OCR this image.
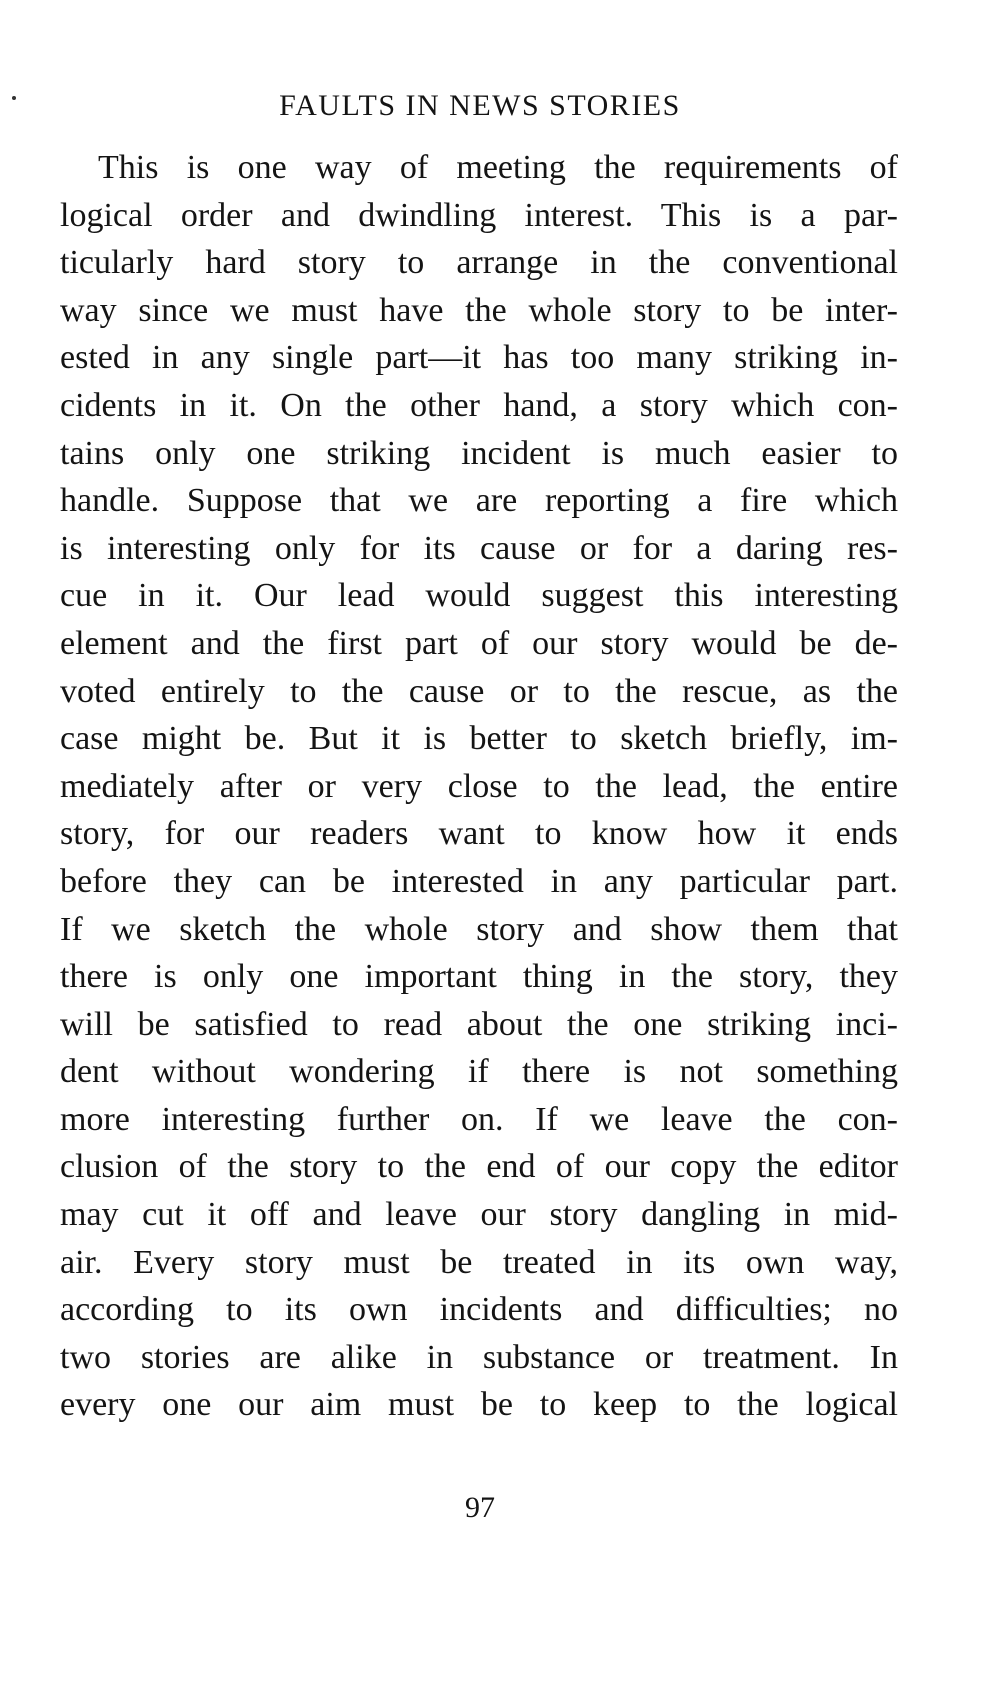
FAULTS IN NEWS STORIES
This is one way of meeting the requirements of
logical order and dwindling interest. This is a par-
ticularly hard story to arrange in the conventional
way since we must have the whole story to be inter-
ested in any single part—it has too many striking in-
cidents in it. On the other hand, a story which con-
tains only one striking incident is much easier to
handle. Suppose that we are reporting a fire which
is interesting only for its cause or for a daring res-
cue in it. Our lead would suggest this interesting
element and the first part of our story would be de-
voted entirely to the cause or to the rescue, as the
case might be. But it is better to sketch briefly, im-
mediately after or very close to the lead, the entire
story, for our readers want to know how it ends
before they can be interested in any particular part.
If we sketch the whole story and show them that
there is only one important thing in the story, they
will be satisfied to read about the one striking inci-
dent without wondering if there is not something
more interesting further on. If we leave the con-
clusion of the story to the end of our copy the editor
may cut it off and leave our story dangling in mid-
air. Every story must be treated in its own way,
according to its own incidents and difficulties; no
two stories are alike in substance or treatment. In
every one our aim must be to keep to the logical
97
